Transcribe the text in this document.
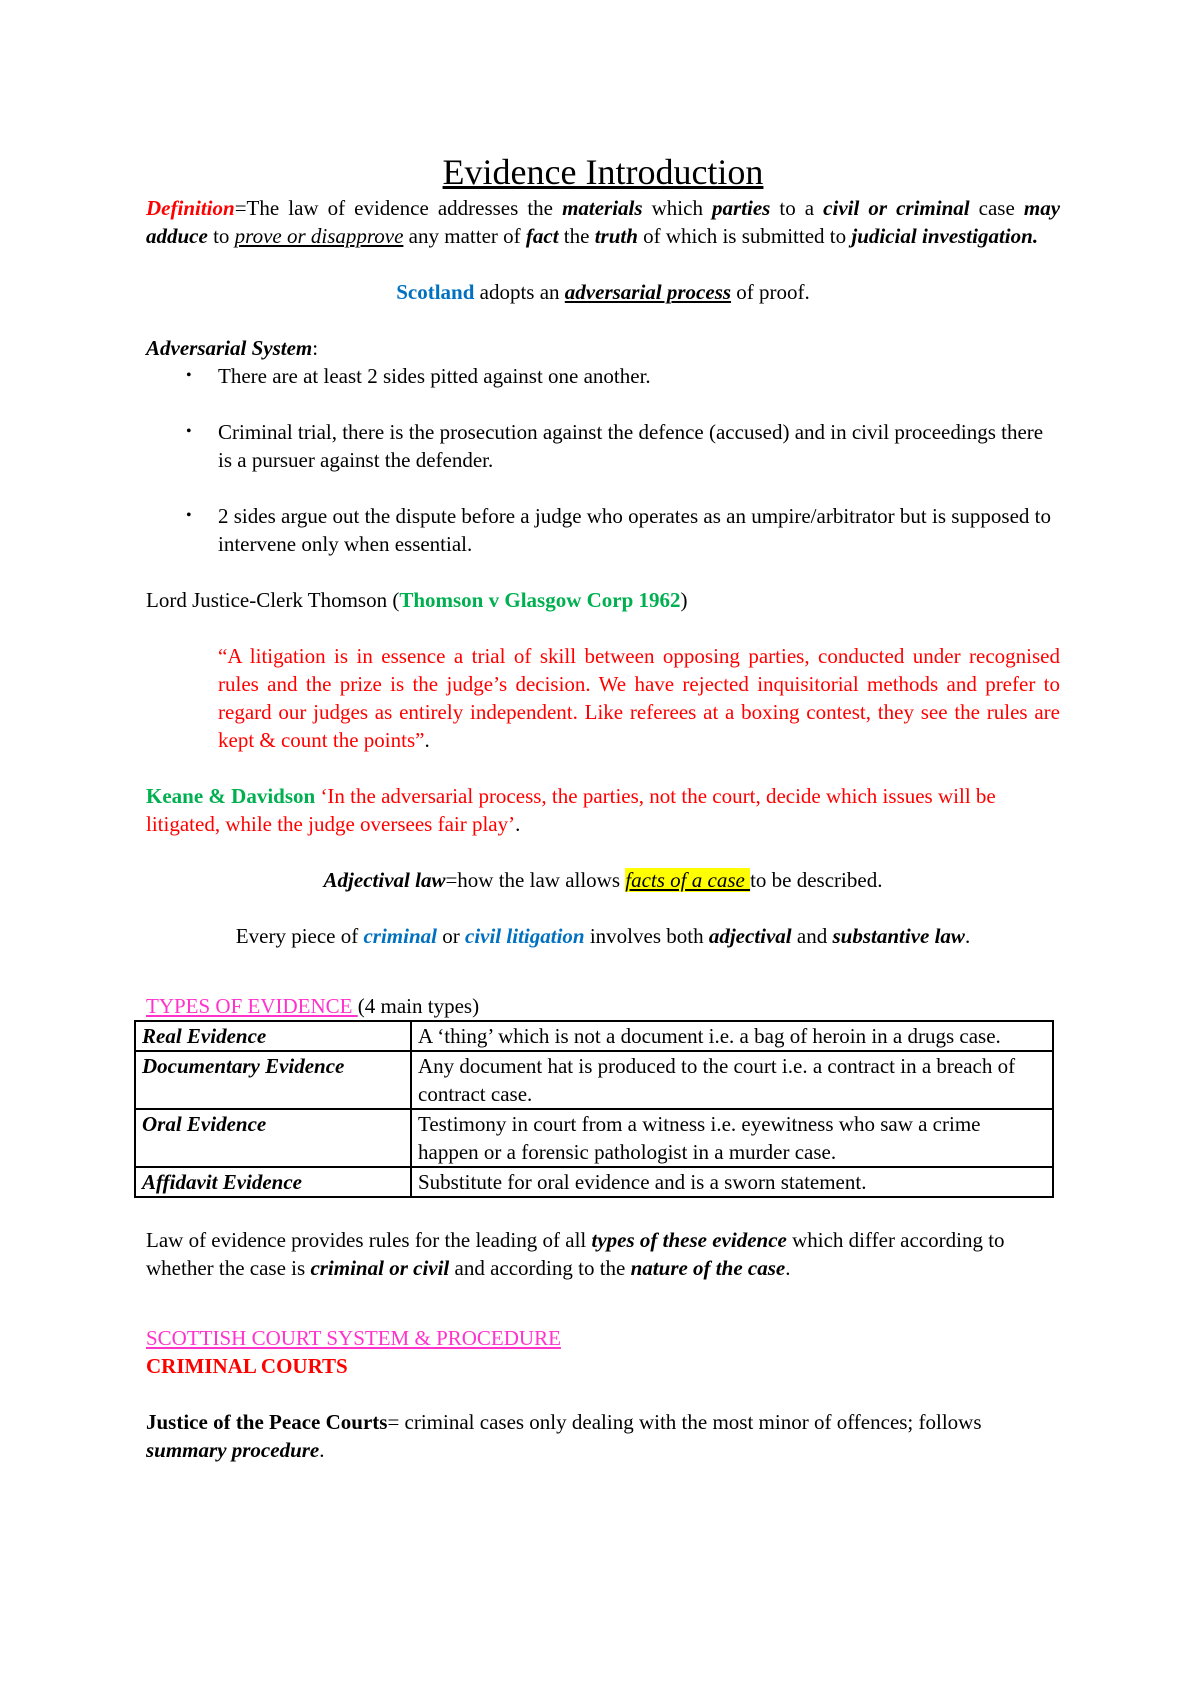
Evidence Introduction

Definition=The law of evidence addresses the materials which parties to a civil or criminal case may adduce to prove or disapprove any matter of fact the truth of which is submitted to judicial investigation.

Scotland adopts an adversarial process of proof.

Adversarial System:

• There are at least 2 sides pitted against one another.
• Criminal trial, there is the prosecution against the defence (accused) and in civil proceedings there is a pursuer against the defender.
• 2 sides argue out the dispute before a judge who operates as an umpire/arbitrator but is supposed to intervene only when essential.

Lord Justice-Clerk Thomson (Thomson v Glasgow Corp 1962)

“A litigation is in essence a trial of skill between opposing parties, conducted under recognised rules and the prize is the judge’s decision. We have rejected inquisitorial methods and prefer to regard our judges as entirely independent. Like referees at a boxing contest, they see the rules are kept & count the points”.

Keane & Davidson ‘In the adversarial process, the parties, not the court, decide which issues will be litigated, while the judge oversees fair play’.

Adjectival law=how the law allows facts of a case to be described.

Every piece of criminal or civil litigation involves both adjectival and substantive law.

TYPES OF EVIDENCE (4 main types)

Real Evidence	A ‘thing’ which is not a document i.e. a bag of heroin in a drugs case.
Documentary Evidence	Any document hat is produced to the court i.e. a contract in a breach of contract case.
Oral Evidence	Testimony in court from a witness i.e. eyewitness who saw a crime happen or a forensic pathologist in a murder case.
Affidavit Evidence	Substitute for oral evidence and is a sworn statement.

Law of evidence provides rules for the leading of all types of these evidence which differ according to whether the case is criminal or civil and according to the nature of the case.

SCOTTISH COURT SYSTEM & PROCEDURE

CRIMINAL COURTS

Justice of the Peace Courts= criminal cases only dealing with the most minor of offences; follows summary procedure.
